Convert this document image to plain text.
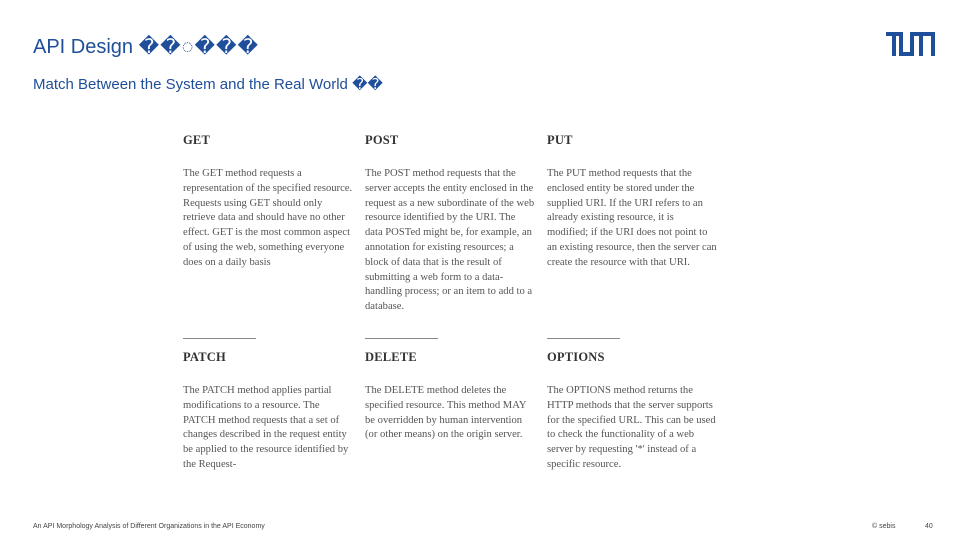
API Design ��◌���
Match Between the System and the Real World ��
GET
The GET method requests a representation of the specified resource. Requests using GET should only retrieve data and should have no other effect. GET is the most common aspect of using the web, something everyone does on a daily basis
POST
The POST method requests that the server accepts the entity enclosed in the request as a new subordinate of the web resource identified by the URI. The data POSTed might be, for example, an annotation for existing resources; a block of data that is the result of submitting a web form to a data-handling process; or an item to add to a database.
PUT
The PUT method requests that the enclosed entity be stored under the supplied URI. If the URI refers to an already existing resource, it is modified; if the URI does not point to an existing resource, then the server can create the resource with that URI.
PATCH
The PATCH method applies partial modifications to a resource. The PATCH method requests that a set of changes described in the request entity be applied to the resource identified by the Request-
DELETE
The DELETE method deletes the specified resource. This method MAY be overridden by human intervention (or other means) on the origin server.
OPTIONS
The OPTIONS method returns the HTTP methods that the server supports for the specified URL. This can be used to check the functionality of a web server by requesting '*' instead of a specific resource.
An API Morphology Analysis of Different Organizations in the API Economy	© sebis	40
